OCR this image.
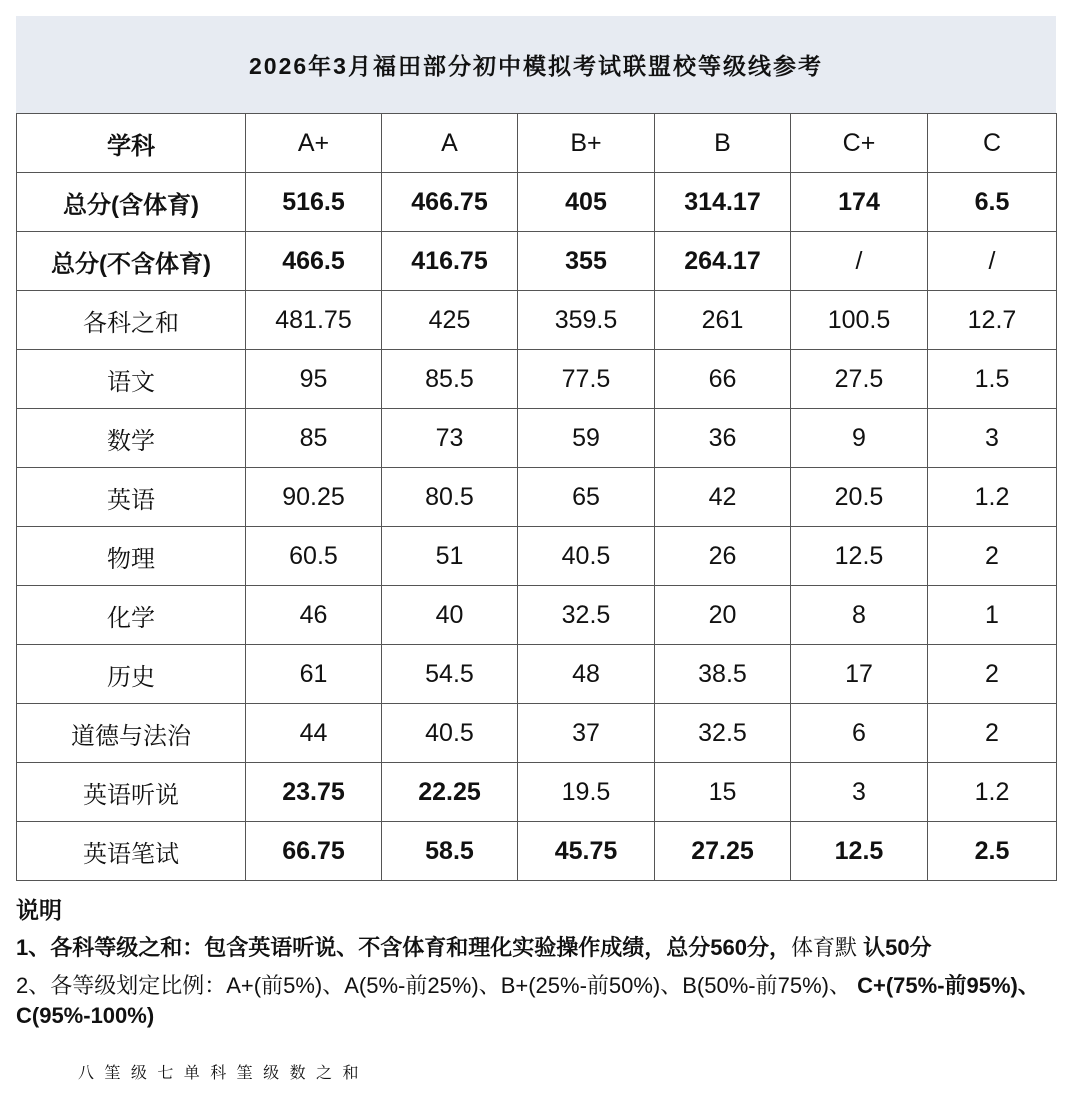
2026年3月福田部分初中模拟考试联盟校等级线参考
学科	A+	A	B+	B	C+	C
总分(含体育)	516.5	466.75	405	314.17	174	6.5
总分(不含体育)	466.5	416.75	355	264.17	/	/
各科之和	481.75	425	359.5	261	100.5	12.7
语文	95	85.5	77.5	66	27.5	1.5
数学	85	73	59	36	9	3
英语	90.25	80.5	65	42	20.5	1.2
物理	60.5	51	40.5	26	12.5	2
化学	46	40	32.5	20	8	1
历史	61	54.5	48	38.5	17	2
道德与法治	44	40.5	37	32.5	6	2
英语听说	23.75	22.25	19.5	15	3	1.2
英语笔试	66.75	58.5	45.75	27.25	12.5	2.5
说明

1、各科等级之和：包含英语听说、不含体育和理化实验操作成绩，总分560分，体育默 认50分

2、各等级划定比例：A+(前5%)、A(5%-前25%)、B+(25%-前50%)、B(50%-前75%)、 C+(75%-前95%)、C(95%-100%)

八 筀 级 七 单 科 筀 级 数 之 和
